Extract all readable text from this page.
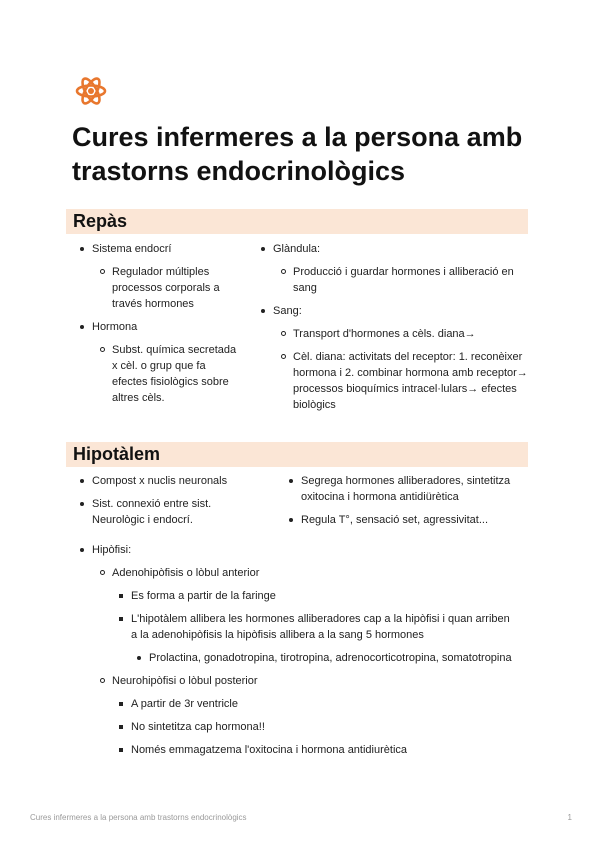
Cures infermeres a la persona amb trastorns endocrinològics
Repàs
Sistema endocrí
Regulador múltiples processos corporals a través hormones
Hormona
Subst. química secretada x cèl. o grup que fa efectes fisiològics sobre altres cèls.
Glàndula:
Producció i guardar hormones i alliberació en sang
Sang:
Transport d'hormones a cèls. diana→
Cèl. diana: activitats del receptor: 1. reconèixer hormona i 2. combinar hormona amb receptor→ processos bioquímics intracel·lulars→ efectes biològics
Hipotàlem
Compost x nuclis neuronals
Sist. connexió entre sist. Neurològic i endocrí.
Segrega hormones alliberadores, sintetitza oxitocina i hormona antidiürètica
Regula T°, sensació set, agressivitat...
Hipòfisi:
Adenohipòfisis o lòbul anterior
Es forma a partir de la faringe
L'hipotàlem allibera les hormones alliberadores cap a la hipòfisi i quan arriben a la adenohipòfisis la hipòfisis allibera a la sang 5 hormones
Prolactina, gonadotropina, tirotropina, adrenocorticotropina, somatotropina
Neurohipòfisi o lòbul posterior
A partir de 3r ventricle
No sintetitza cap hormona!!
Només emmagatzema l'oxitocina i hormona antidiurètica
Cures infermeres a la persona amb trastorns endocrinològics	1
